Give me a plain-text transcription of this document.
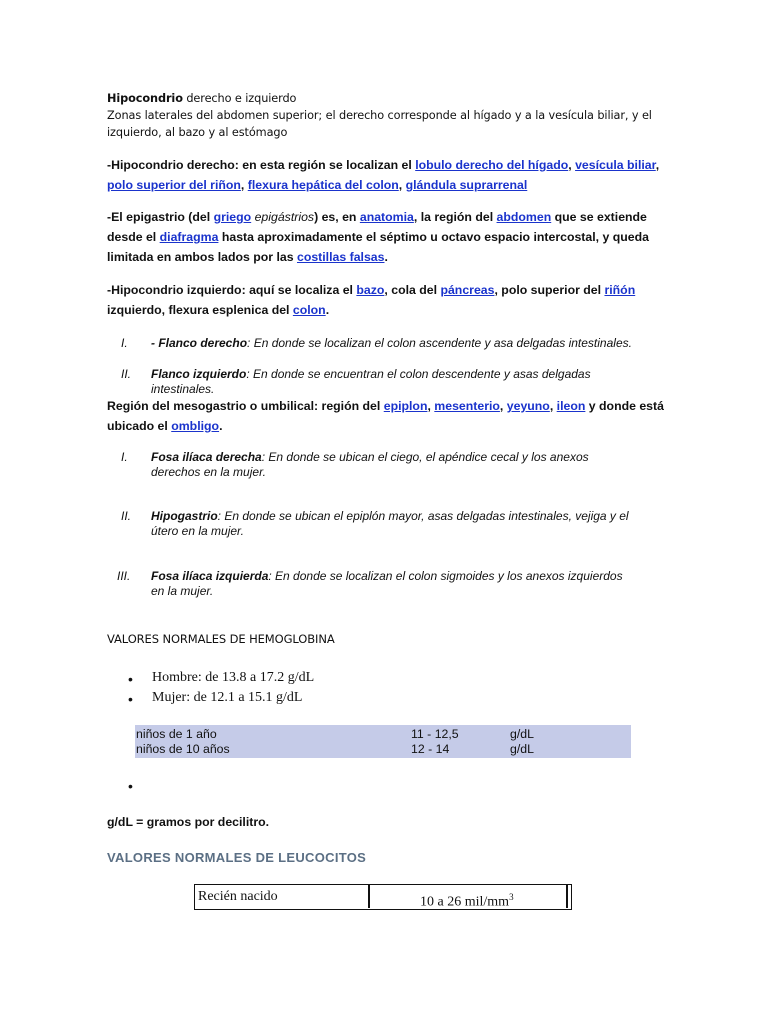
Hipocondrio derecho e izquierdo
Zonas laterales del abdomen superior; el derecho corresponde al hígado y a la vesícula biliar, y el
izquierdo, al bazo y al estómago
-Hipocondrio derecho: en esta región se localizan el lobulo derecho del hígado, vesícula biliar,
polo superior del riñon, flexura hepática del colon, glándula suprarrenal
-El epigastrio (del griego epigástrios) es, en anatomia, la región del abdomen que se extiende
desde el diafragma hasta aproximadamente el séptimo u octavo espacio intercostal, y queda
limitada en ambos lados por las costillas falsas.
-Hipocondrio izquierdo: aquí se localiza el bazo, cola del páncreas, polo superior del riñón
izquierdo, flexura esplenica del colon.
I. - Flanco derecho: En donde se localizan el colon ascendente y asa delgadas intestinales.
II. Flanco izquierdo: En donde se encuentran el colon descendente y asas delgadas
intestinales.
Región del mesogastrio o umbilical: región del epiplon, mesenterio, yeyuno, ileon y donde está
ubicado el ombligo.
I. Fosa ilíaca derecha: En donde se ubican el ciego, el apéndice cecal y los anexos
derechos en la mujer.
II. Hipogastrio: En donde se ubican el epiplón mayor, asas delgadas intestinales, vejiga y el
útero en la mujer.
III. Fosa ilíaca izquierda: En donde se localizan el colon sigmoides y los anexos izquierdos
en la mujer.
VALORES NORMALES DE HEMOGLOBINA
• Hombre: de 13.8 a 17.2 g/dL
• Mujer: de 12.1 a 15.1 g/dL
niños de 1 año	11 - 12,5	g/dL
niños de 10 años	12 - 14	g/dL
•
g/dL = gramos por decilitro.
VALORES NORMALES DE LEUCOCITOS
Recién nacido	10 a 26 mil/$mm^3$
